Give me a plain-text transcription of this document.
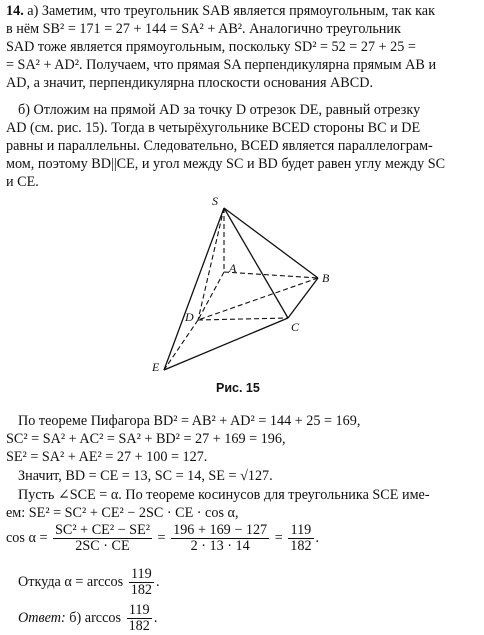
14. а) Заметим, что треугольник SAB является прямоугольным, так как
в нём SB² = 171 = 27 + 144 = SA² + AB². Аналогично треугольник
SAD тоже является прямоугольным, поскольку SD² = 52 = 27 + 25 =
= SA² + AD². Получаем, что прямая SA перпендикулярна прямым AB и
AD, а значит, перпендикулярна плоскости основания ABCD.
б) Отложим на прямой AD за точку D отрезок DE, равный отрезку
AD (см. рис. 15). Тогда в четырёхугольнике BCED стороны BC и DE
равны и параллельны. Следовательно, BCED является параллелограм-
мом, поэтому BD||CE, и угол между SC и BD будет равен углу между SC
и CE.
S
A
B
C
D
E
Рис. 15
По теореме Пифагора BD² = AB² + AD² = 144 + 25 = 169,
SC² = SA² + AC² = SA² + BD² = 27 + 169 = 196,
SE² = SA² + AE² = 27 + 100 = 127.
Значит, BD = CE = 13, SC = 14, SE = √127.
Пусть ∠SCE = α. По теореме косинусов для треугольника SCE име-
ем: SE² = SC² + CE² − 2SC · CE · cos α,
$\cos \alpha = \frac{\text{SC² + CE² − SE²}}{2SC \cdot CE} = \frac{196 + 169 - 127}{2 \cdot 13 \cdot 14} = \frac{119}{182}$ .
Откуда $\alpha = \arccos \frac{119}{182}$ .
Ответ: б) $\arccos \frac{119}{182}$ .
